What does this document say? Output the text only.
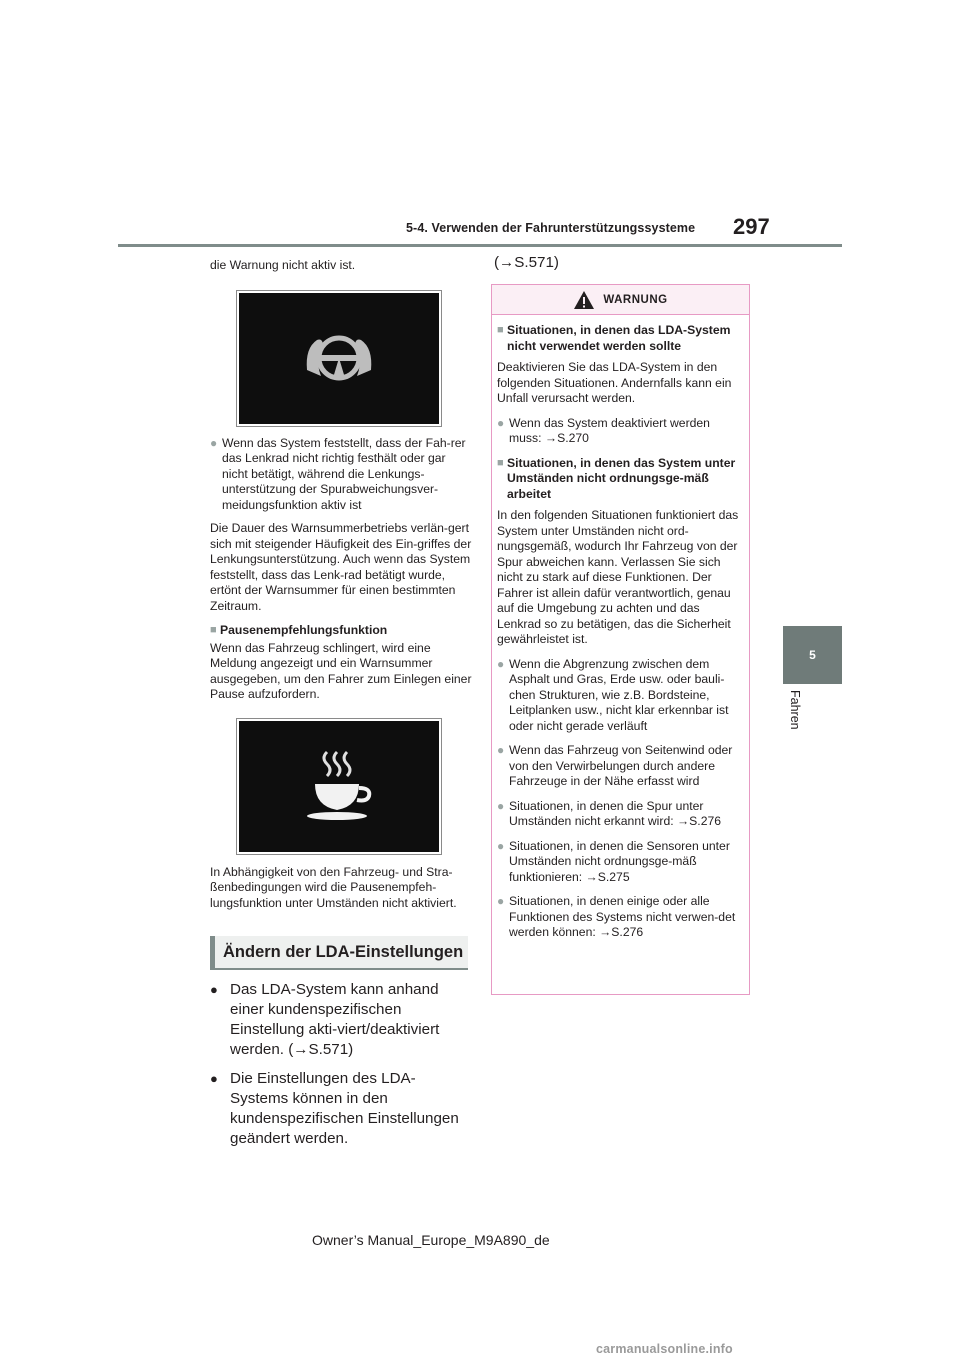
5-4. Verwenden der Fahrunterstützungssysteme 297
5
Fahren
die Warnung nicht aktiv ist.
● Wenn das System feststellt, dass der Fah-rer das Lenkrad nicht richtig festhält oder gar nicht betätigt, während die Lenkungs-unterstützung der Spurabweichungsver-meidungsfunktion aktiv ist
Die Dauer des Warnsummerbetriebs verlän-gert sich mit steigender Häufigkeit des Ein-griffes der Lenkungsunterstützung. Auch wenn das System feststellt, dass das Lenk-rad betätigt wurde, ertönt der Warnsummer für einen bestimmten Zeitraum.
■ Pausenempfehlungsfunktion
Wenn das Fahrzeug schlingert, wird eine Meldung angezeigt und ein Warnsummer ausgegeben, um den Fahrer zum Einlegen einer Pause aufzufordern.
In Abhängigkeit von den Fahrzeug- und Stra-ßenbedingungen wird die Pausenempfeh-lungsfunktion unter Umständen nicht aktiviert.
Ändern der LDA-Einstellungen
● Das LDA-System kann anhand einer kundenspezifischen Einstellung akti-viert/deaktiviert werden. (→S.571)
● Die Einstellungen des LDA-Systems können in den kundenspezifischen Einstellungen geändert werden.
(→S.571)
WARNUNG
■ Situationen, in denen das LDA-System nicht verwendet werden sollte
Deaktivieren Sie das LDA-System in den folgenden Situationen. Andernfalls kann ein Unfall verursacht werden.
● Wenn das System deaktiviert werden muss: →S.270
■ Situationen, in denen das System unter Umständen nicht ordnungsge-mäß arbeitet
In den folgenden Situationen funktioniert das System unter Umständen nicht ord-nungsgemäß, wodurch Ihr Fahrzeug von der Spur abweichen kann. Verlassen Sie sich nicht zu stark auf diese Funktionen. Der Fahrer ist allein dafür verantwortlich, genau auf die Umgebung zu achten und das Lenkrad so zu betätigen, das die Sicherheit gewährleistet ist.
● Wenn die Abgrenzung zwischen dem Asphalt und Gras, Erde usw. oder bauli-chen Strukturen, wie z.B. Bordsteine, Leitplanken usw., nicht klar erkennbar ist oder nicht gerade verläuft
● Wenn das Fahrzeug von Seitenwind oder von den Verwirbelungen durch andere Fahrzeuge in der Nähe erfasst wird
● Situationen, in denen die Spur unter Umständen nicht erkannt wird: →S.276
● Situationen, in denen die Sensoren unter Umständen nicht ordnungsge-mäß funktionieren: →S.275
● Situationen, in denen einige oder alle Funktionen des Systems nicht verwen-det werden können: →S.276
Owner’s Manual_Europe_M9A890_de
carmanualsonline.info
